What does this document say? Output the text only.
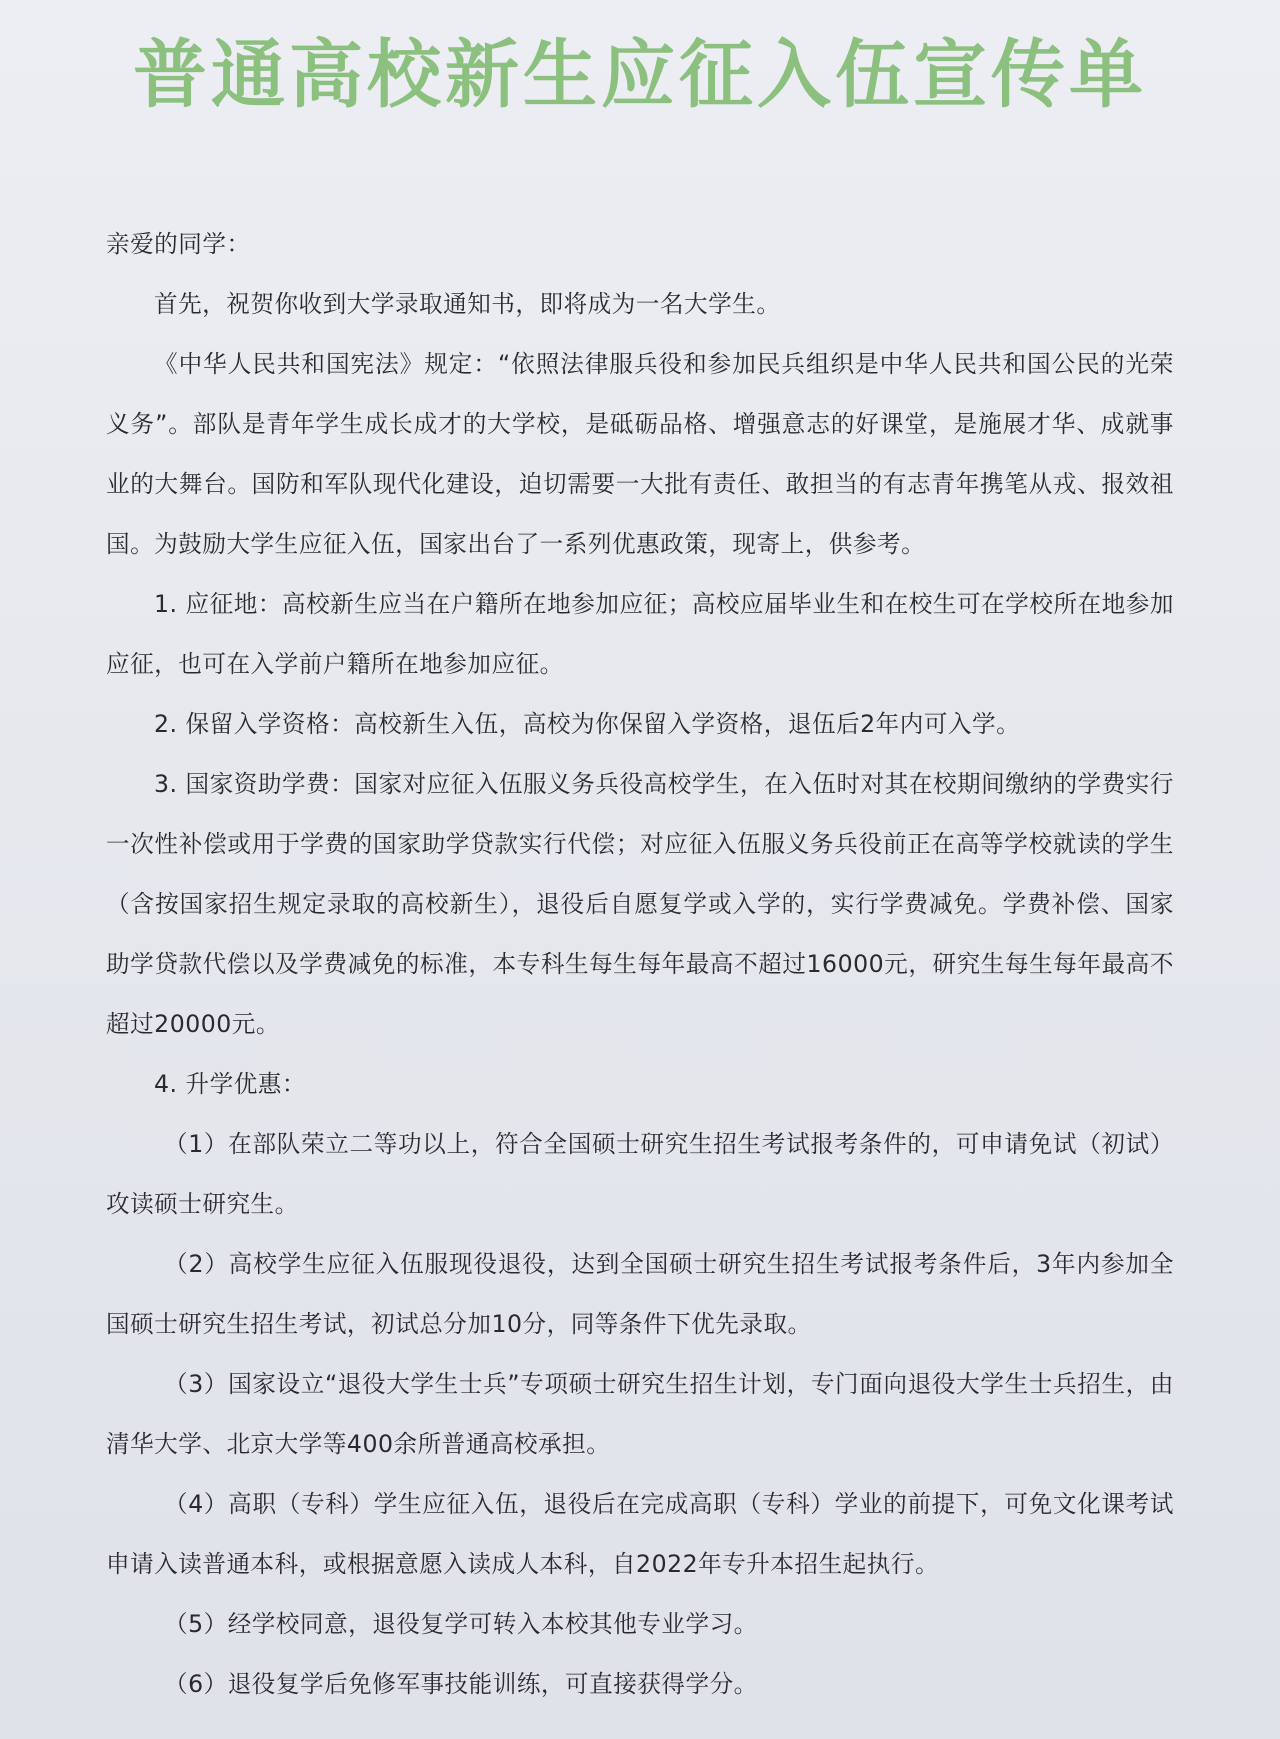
普通高校新生应征入伍宣传单

亲爱的同学：

首先，祝贺你收到大学录取通知书，即将成为一名大学生。

《中华人民共和国宪法》规定：“依照法律服兵役和参加民兵组织是中华人民共和国公民的光荣义务”。部队是青年学生成长成才的大学校，是砥砺品格、增强意志的好课堂，是施展才华、成就事业的大舞台。国防和军队现代化建设，迫切需要一大批有责任、敢担当的有志青年携笔从戎、报效祖国。为鼓励大学生应征入伍，国家出台了一系列优惠政策，现寄上，供参考。

1. 应征地：高校新生应当在户籍所在地参加应征；高校应届毕业生和在校生可在学校所在地参加应征，也可在入学前户籍所在地参加应征。

2. 保留入学资格：高校新生入伍，高校为你保留入学资格，退伍后2年内可入学。

3. 国家资助学费：国家对应征入伍服义务兵役高校学生，在入伍时对其在校期间缴纳的学费实行一次性补偿或用于学费的国家助学贷款实行代偿；对应征入伍服义务兵役前正在高等学校就读的学生（含按国家招生规定录取的高校新生），退役后自愿复学或入学的，实行学费减免。学费补偿、国家助学贷款代偿以及学费减免的标准，本专科生每生每年最高不超过16000元，研究生每生每年最高不超过20000元。

4. 升学优惠：

（1）在部队荣立二等功以上，符合全国硕士研究生招生考试报考条件的，可申请免试（初试）攻读硕士研究生。

（2）高校学生应征入伍服现役退役，达到全国硕士研究生招生考试报考条件后，3年内参加全国硕士研究生招生考试，初试总分加10分，同等条件下优先录取。

（3）国家设立“退役大学生士兵”专项硕士研究生招生计划，专门面向退役大学生士兵招生，由清华大学、北京大学等400余所普通高校承担。

（4）高职（专科）学生应征入伍，退役后在完成高职（专科）学业的前提下，可免文化课考试申请入读普通本科，或根据意愿入读成人本科，自2022年专升本招生起执行。

（5）经学校同意，退役复学可转入本校其他专业学习。

（6）退役复学后免修军事技能训练，可直接获得学分。
